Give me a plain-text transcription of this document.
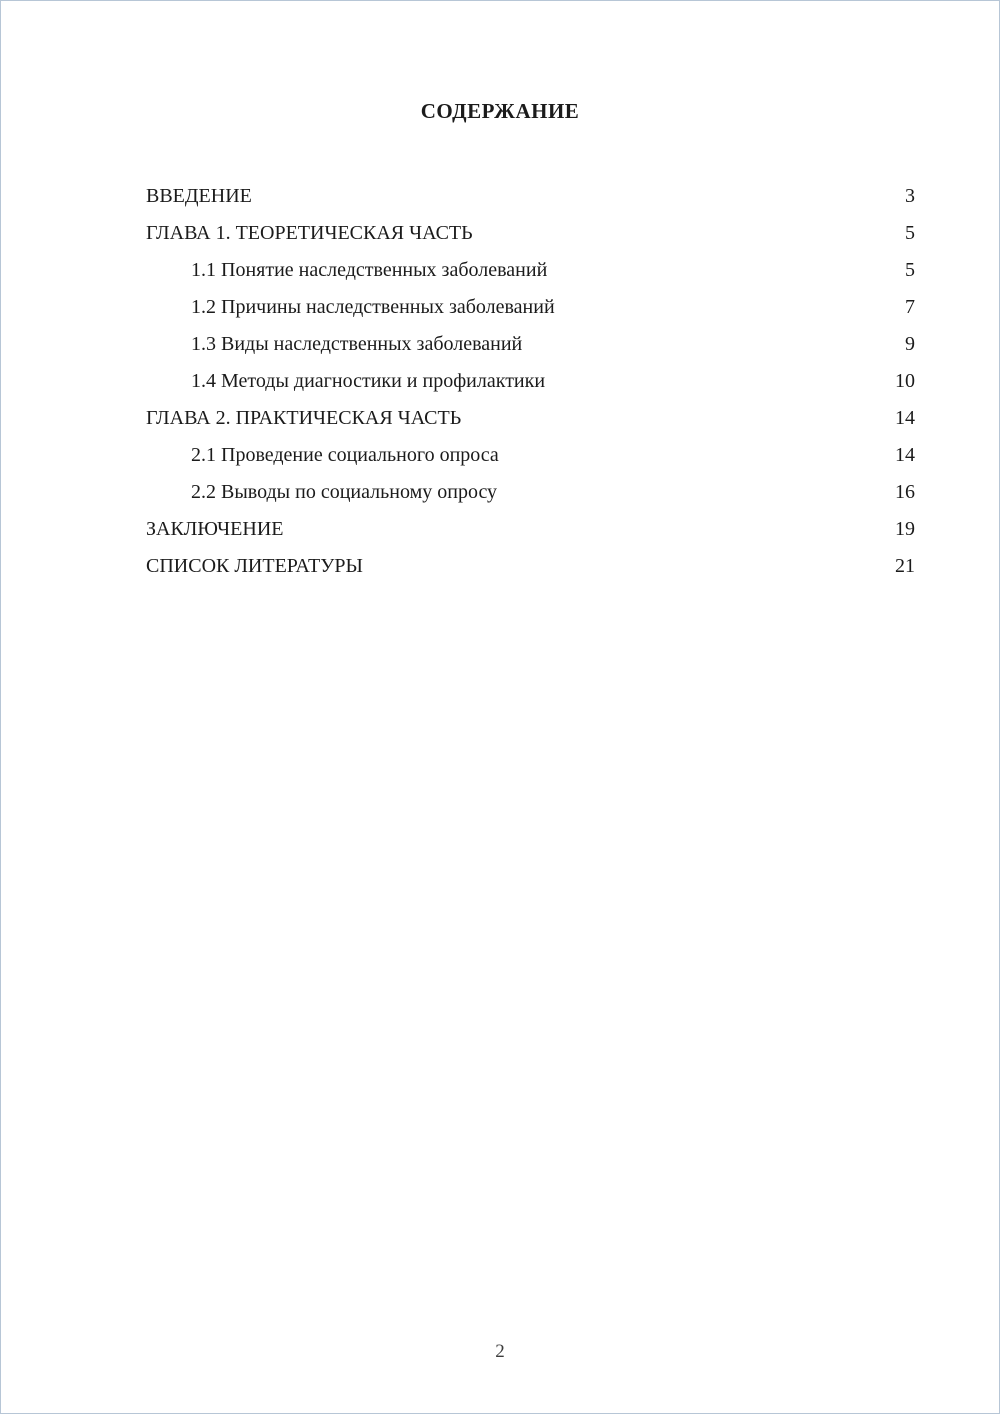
СОДЕРЖАНИЕ
ВВЕДЕНИЕ	3
ГЛАВА 1. ТЕОРЕТИЧЕСКАЯ ЧАСТЬ	5
1.1 Понятие наследственных заболеваний	5
1.2 Причины наследственных заболеваний	7
1.3 Виды наследственных заболеваний	9
1.4 Методы диагностики и профилактики	10
ГЛАВА 2. ПРАКТИЧЕСКАЯ ЧАСТЬ	14
2.1 Проведение социального опроса	14
2.2 Выводы по социальному опросу	16
ЗАКЛЮЧЕНИЕ	19
СПИСОК ЛИТЕРАТУРЫ	21
2
